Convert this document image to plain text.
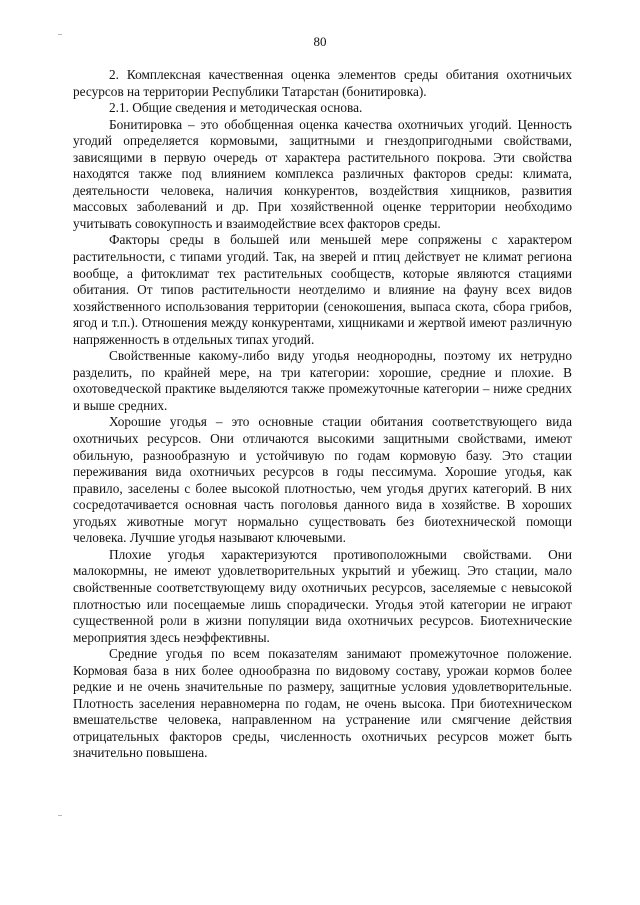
80

2. Комплексная качественная оценка элементов среды обитания охотничьих ресурсов на территории Республики Татарстан (бонитировка).

2.1. Общие сведения и методическая основа.

Бонитировка – это обобщенная оценка качества охотничьих угодий. Ценность угодий определяется кормовыми, защитными и гнездопригодными свойствами, зависящими в первую очередь от характера растительного покрова. Эти свойства находятся также под влиянием комплекса различных факторов среды: климата, деятельности человека, наличия конкурентов, воздействия хищников, развития массовых заболеваний и др. При хозяйственной оценке территории необходимо учитывать совокупность и взаимодействие всех факторов среды.

Факторы среды в большей или меньшей мере сопряжены с характером растительности, с типами угодий. Так, на зверей и птиц действует не климат региона вообще, а фитоклимат тех растительных сообществ, которые являются стациями обитания. От типов растительности неотделимо и влияние на фауну всех видов хозяйственного использования территории (сенокошения, выпаса скота, сбора грибов, ягод и т.п.). Отношения между конкурентами, хищниками и жертвой имеют различную напряженность в отдельных типах угодий.

Свойственные какому-либо виду угодья неоднородны, поэтому их нетрудно разделить, по крайней мере, на три категории: хорошие, средние и плохие. В охотоведческой практике выделяются также промежуточные категории – ниже средних и выше средних.

Хорошие угодья – это основные стации обитания соответствующего вида охотничьих ресурсов. Они отличаются высокими защитными свойствами, имеют обильную, разнообразную и устойчивую по годам кормовую базу. Это стации переживания вида охотничьих ресурсов в годы пессимума. Хорошие угодья, как правило, заселены с более высокой плотностью, чем угодья других категорий. В них сосредотачивается основная часть поголовья данного вида в хозяйстве. В хороших угодьях животные могут нормально существовать без биотехнической помощи человека. Лучшие угодья называют ключевыми.

Плохие угодья характеризуются противоположными свойствами. Они малокормны, не имеют удовлетворительных укрытий и убежищ. Это стации, мало свойственные соответствующему виду охотничьих ресурсов, заселяемые с невысокой плотностью или посещаемые лишь спорадически. Угодья этой категории не играют существенной роли в жизни популяции вида охотничьих ресурсов. Биотехнические мероприятия здесь неэффективны.

Средние угодья по всем показателям занимают промежуточное положение. Кормовая база в них более однообразна по видовому составу, урожаи кормов более редкие и не очень значительные по размеру, защитные условия удовлетворительные. Плотность заселения неравномерна по годам, не очень высока. При биотехническом вмешательстве человека, направленном на устранение или смягчение действия отрицательных факторов среды, численность охотничьих ресурсов может быть значительно повышена.
